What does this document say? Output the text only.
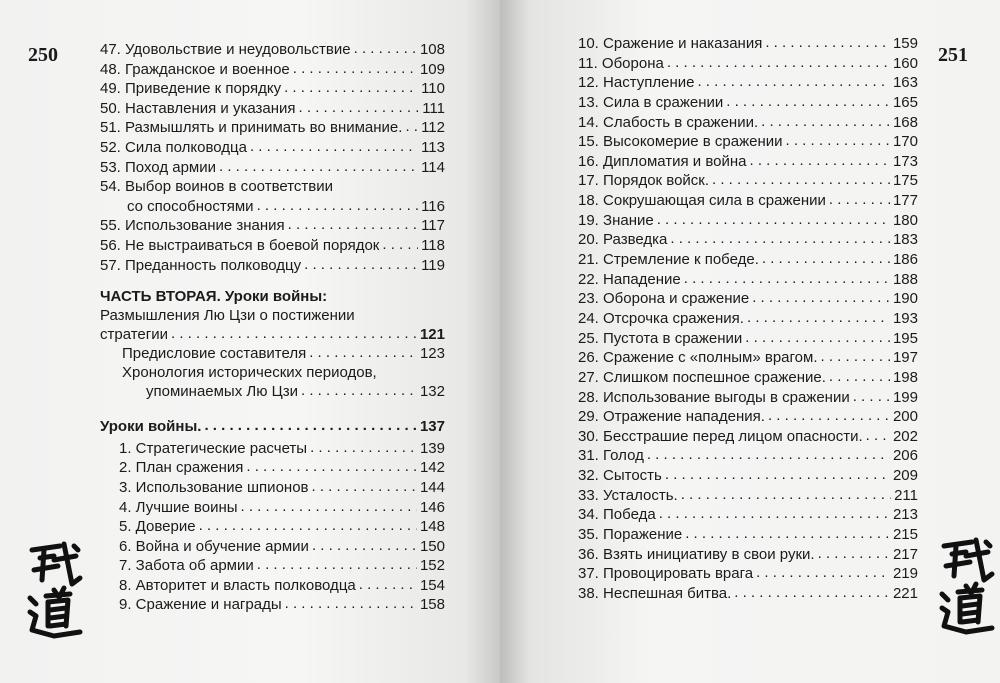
250	47. Удовольствие и неудовольствие . . .	108
48. Гражданское и военное . . .	109
49. Приведение к порядку . . .	110
50. Наставления и указания . . .	111
51. Размышлять и принимать во внимание. . . . 112
52. Сила полководца . . .	113
53. Поход армии . . .	114
54. Выбор воинов в соответствии
со способностями . . .	116
55. Использование знания . . .	117
56. Не выстраиваться в боевой порядок . . .	118
57. Преданность полководцу . . .	119
ЧАСТЬ ВТОРАЯ. Уроки войны:
Размышления Лю Цзи о постижении
стратегии . . .	121
Предисловие составителя . . .	123
Хронология исторических периодов,
упоминаемых Лю Цзи . . .	132
Уроки войны. . . .	137
1. Стратегические расчеты . . .	139
2. План сражения . . .	142
3. Использование шпионов . . .	144
4. Лучшие воины . . .	146
5. Доверие . . .	148
6. Война и обучение армии . . .	150
7. Забота об армии . . .	152
8. Авторитет и власть полководца . . .	154
9. Сражение и награды . . .	158
251
10. Сражение и наказания . . .	159
11. Оборона . . .	160
12. Наступление . . .	163
13. Сила в сражении . . .	165
14. Слабость в сражении. . . .	168
15. Высокомерие в сражении . . .	170
16. Дипломатия и война . . .	173
17. Порядок войск. . . .	175
18. Сокрушающая сила в сражении . . .	177
19. Знание . . .	180
20. Разведка . . .	183
21. Стремление к победе. . . .	186
22. Нападение . . .	188
23. Оборона и сражение . . .	190
24. Отсрочка сражения. . . .	193
25. Пустота в сражении . . .	195
26. Сражение с «полным» врагом. . . .	197
27. Слишком поспешное сражение. . . .	198
28. Использование выгоды в сражении . . .	199
29. Отражение нападения. . . .	200
30. Бесстрашие перед лицом опасности. . . . 202
31. Голод . . .	206
32. Сытость . . .	209
33. Усталость. . . .	211
34. Победа . . .	213
35. Поражение . . .	215
36. Взять инициативу в свои руки. . . .	217
37. Провоцировать врага . . .	219
38. Неспешная битва. . . .	221
